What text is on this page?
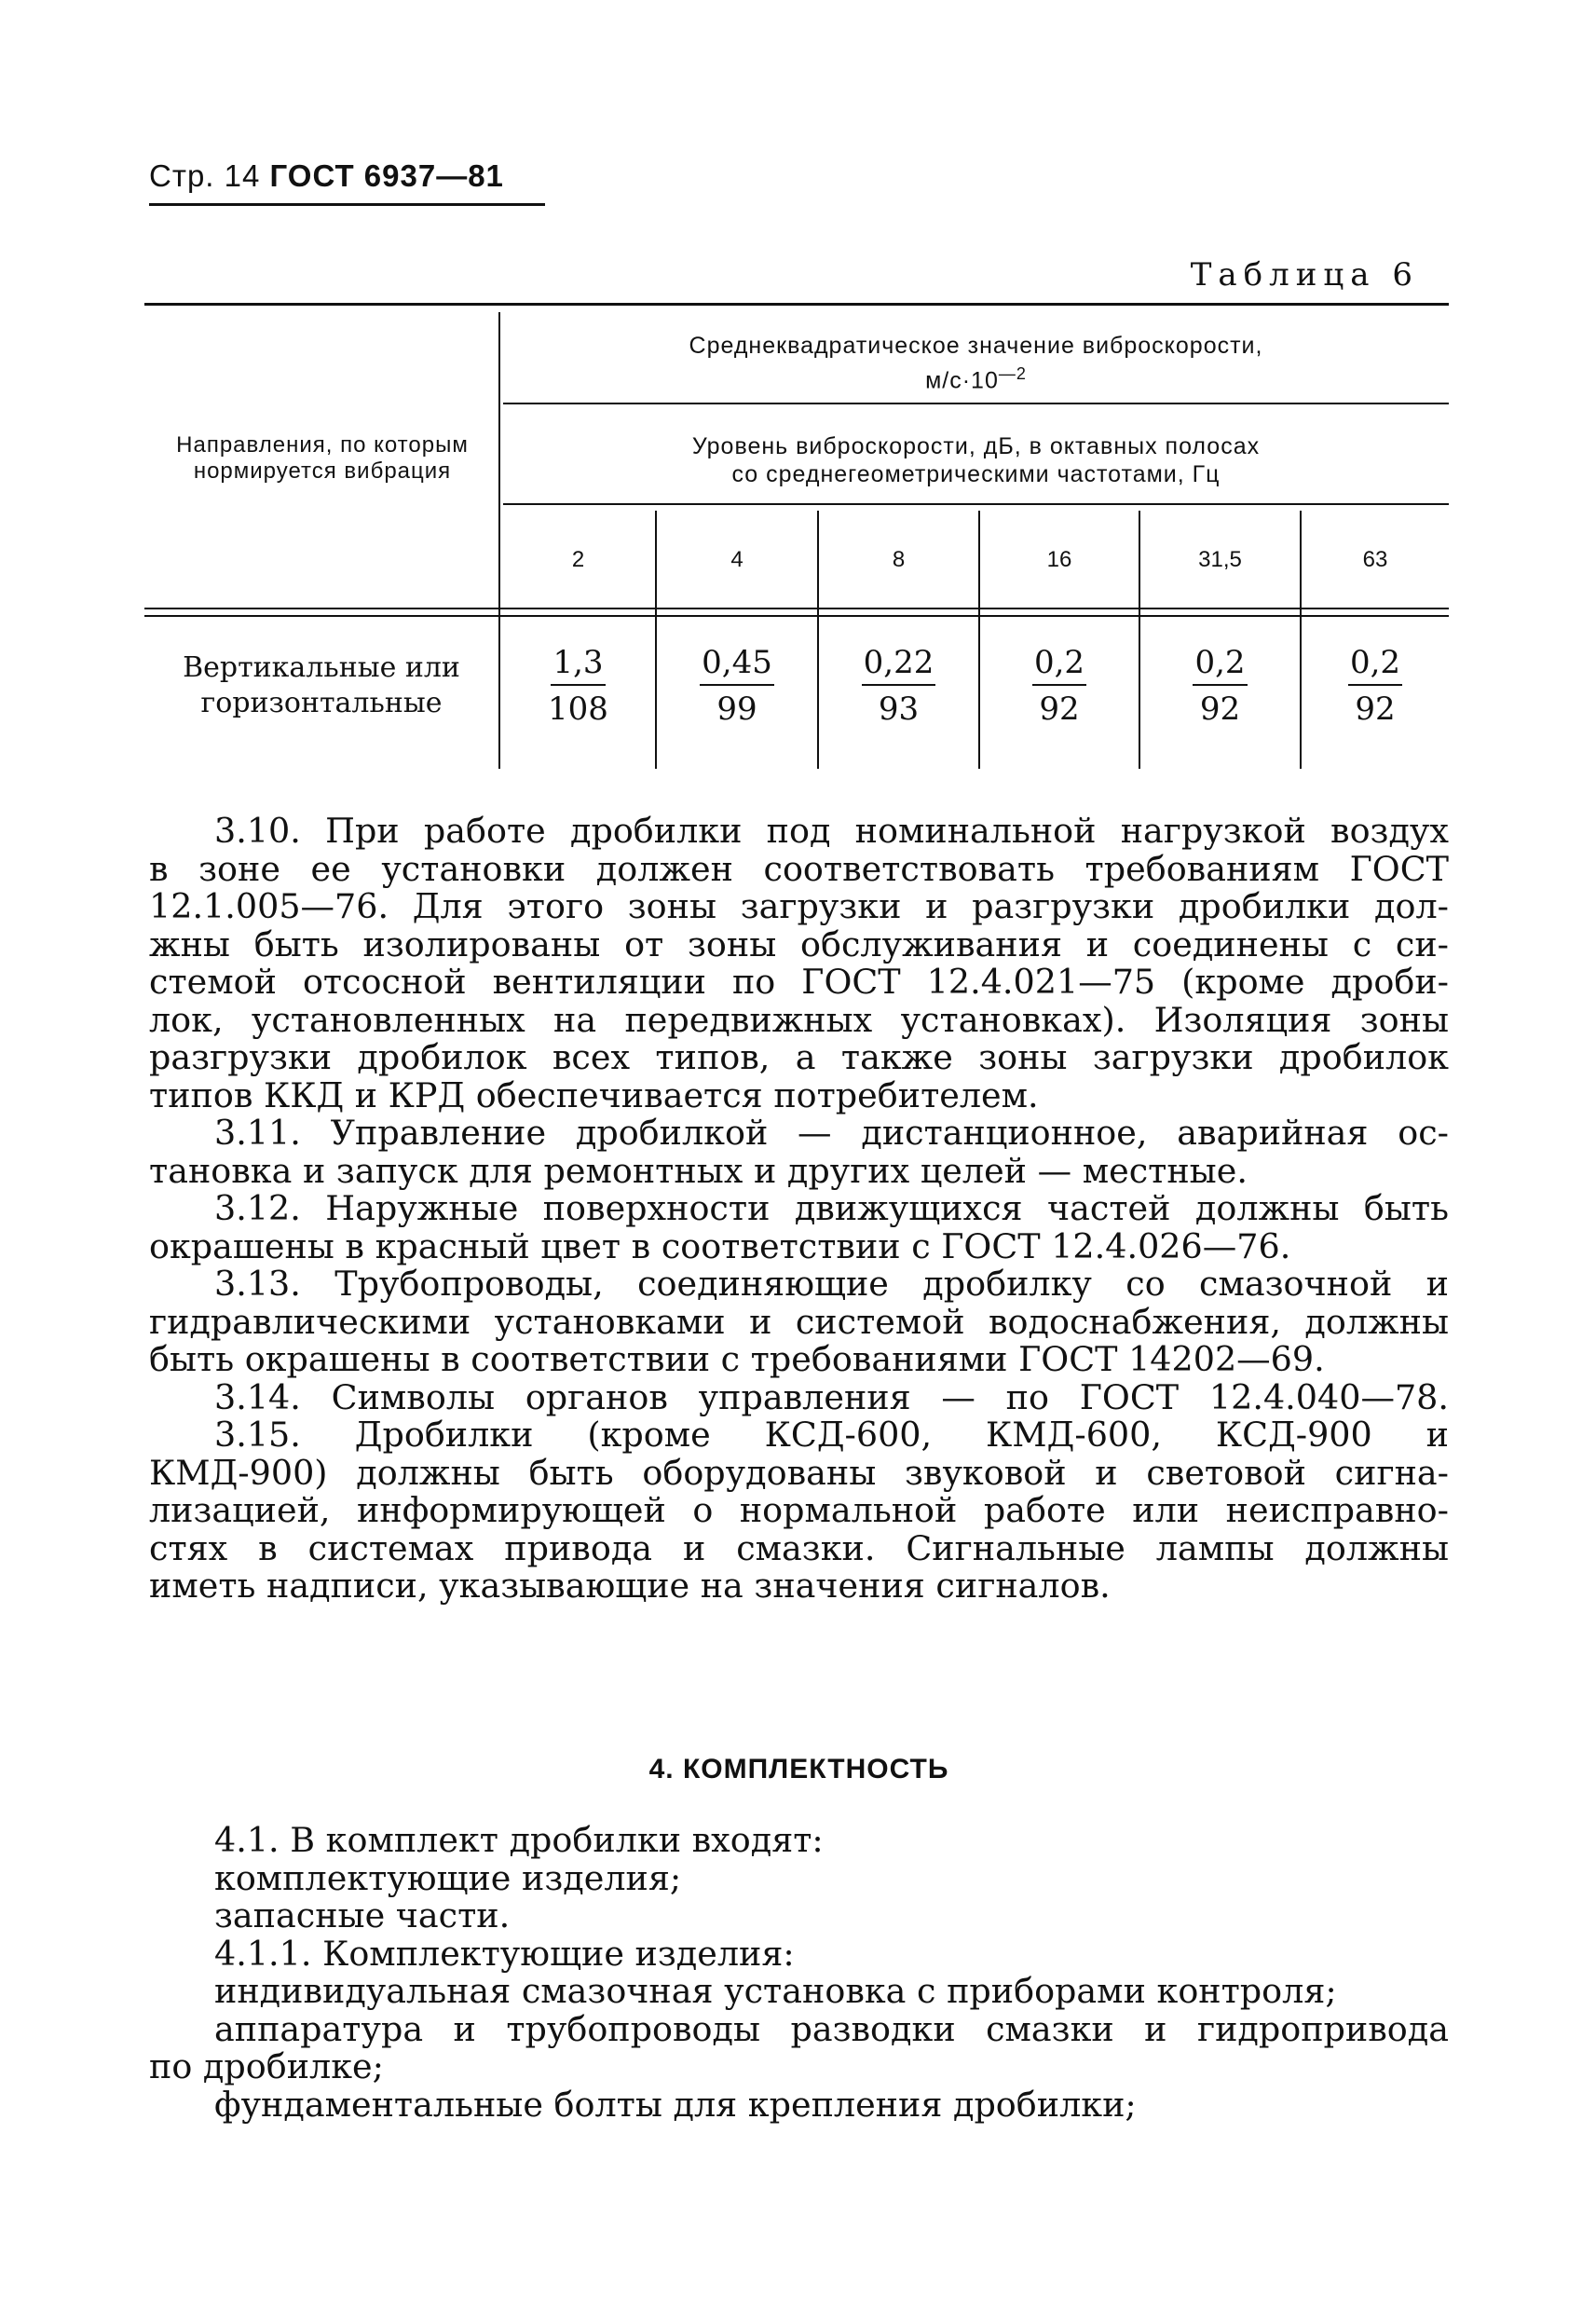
Стр. 14 ГОСТ 6937—81
Таблица 6
Направления, по которым нормируется вибрация
Среднеквадратическое значение виброскорости,
$м/с\cdot 10^{—2}$
Уровень виброскорости, дБ, в октавных полосах
со среднегеометрическими частотами, Гц
2	4	8	16	31,5	63
Вертикальные или горизонтальные	$\frac{1,3}{108} \frac{0,45}{99} \frac{0,22}{93} \frac{0,2}{92} \frac{0,2}{92} \frac{0,2}{92}$

3.10. При работе дробилки под номинальной нагрузкой воздух

в зоне ее установки должен соответствовать требованиям ГОСТ

12.1.005—76. Для этого зоны загрузки и разгрузки дробилки дол-

жны быть изолированы от зоны обслуживания и соединены с си-

стемой отсосной вентиляции по ГОСТ 12.4.021—75 (кроме дроби-

лок, установленных на передвижных установках). Изоляция зоны

разгрузки дробилок всех типов, а также зоны загрузки дробилок

типов ККД и КРД обеспечивается потребителем.

3.11. Управление дробилкой — дистанционное, аварийная ос-

тановка и запуск для ремонтных и других целей — местные.

3.12. Наружные поверхности движущихся частей должны быть

окрашены в красный цвет в соответствии с ГОСТ 12.4.026—76.

3.13. Трубопроводы, соединяющие дробилку со смазочной и

гидравлическими установками и системой водоснабжения, должны

быть окрашены в соответствии с требованиями ГОСТ 14202—69.

3.14. Символы органов управления — по ГОСТ 12.4.040—78.

3.15. Дробилки (кроме КСД-600, КМД-600, КСД-900 и

КМД-900) должны быть оборудованы звуковой и световой сигна-

лизацией, информирующей о нормальной работе или неисправно-

стях в системах привода и смазки. Сигнальные лампы должны

иметь надписи, указывающие на значения сигналов.

4. КОМПЛЕКТНОСТЬ

4.1. В комплект дробилки входят:

комплектующие изделия;

запасные части.

4.1.1. Комплектующие изделия:

индивидуальная смазочная установка с приборами контроля;

аппаратура и трубопроводы разводки смазки и гидропривода

по дробилке;

фундаментальные болты для крепления дробилки;
